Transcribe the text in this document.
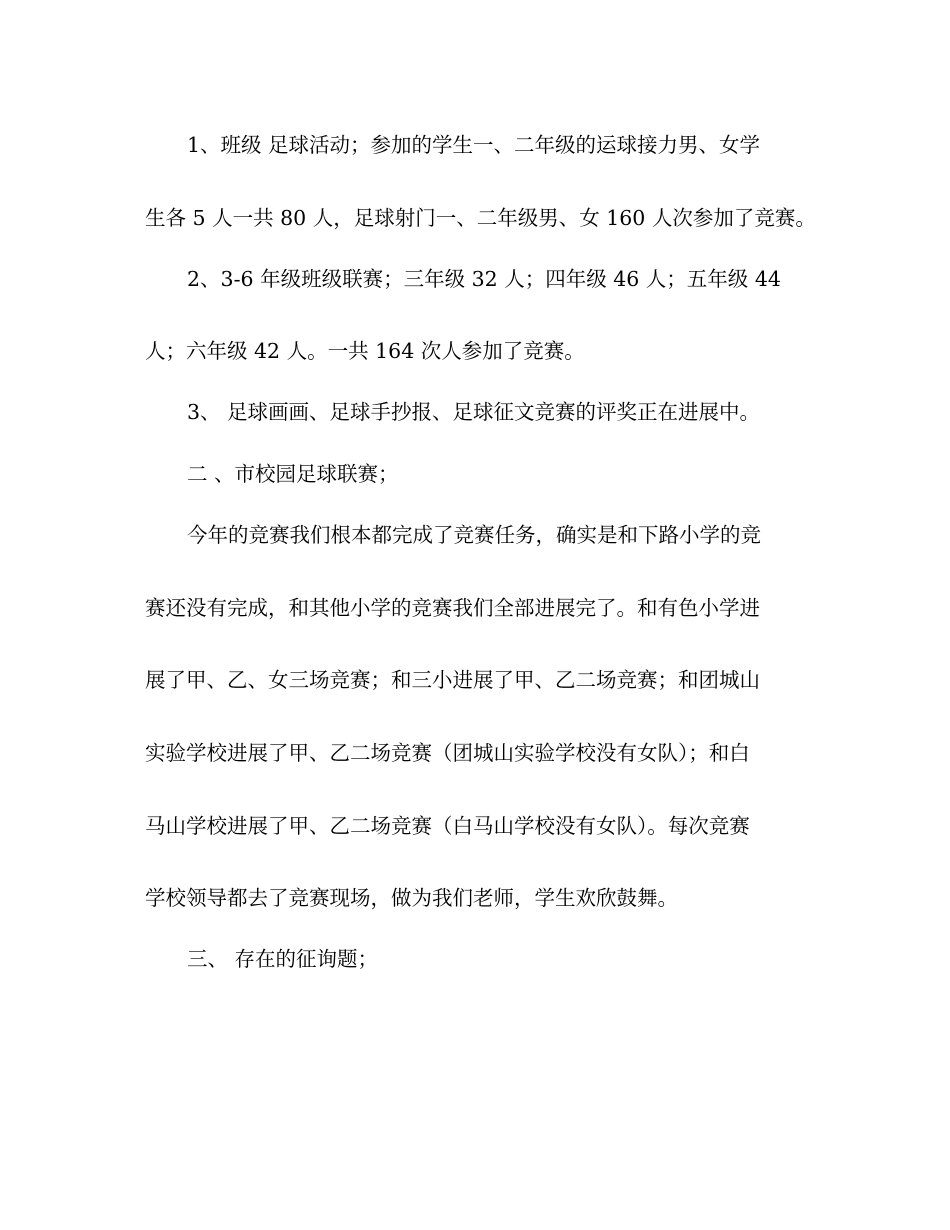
1、班级 足球活动；参加的学生一、二年级的运球接力男、女学
生各 5 人一共 80 人，足球射门一、二年级男、女 160 人次参加了竞赛。
2、3-6 年级班级联赛；三年级 32 人；四年级 46 人；五年级 44
人；六年级 42 人。一共 164 次人参加了竞赛。
3、 足球画画、足球手抄报、足球征文竞赛的评奖正在进展中。
二 、市校园足球联赛；
今年的竞赛我们根本都完成了竞赛任务，确实是和下路小学的竞
赛还没有完成，和其他小学的竞赛我们全部进展完了。和有色小学进
展了甲、乙、女三场竞赛；和三小进展了甲、乙二场竞赛；和团城山
实验学校进展了甲、乙二场竞赛（团城山实验学校没有女队）；和白
马山学校进展了甲、乙二场竞赛（白马山学校没有女队）。每次竞赛
学校领导都去了竞赛现场，做为我们老师，学生欢欣鼓舞。
三、 存在的征询题；
